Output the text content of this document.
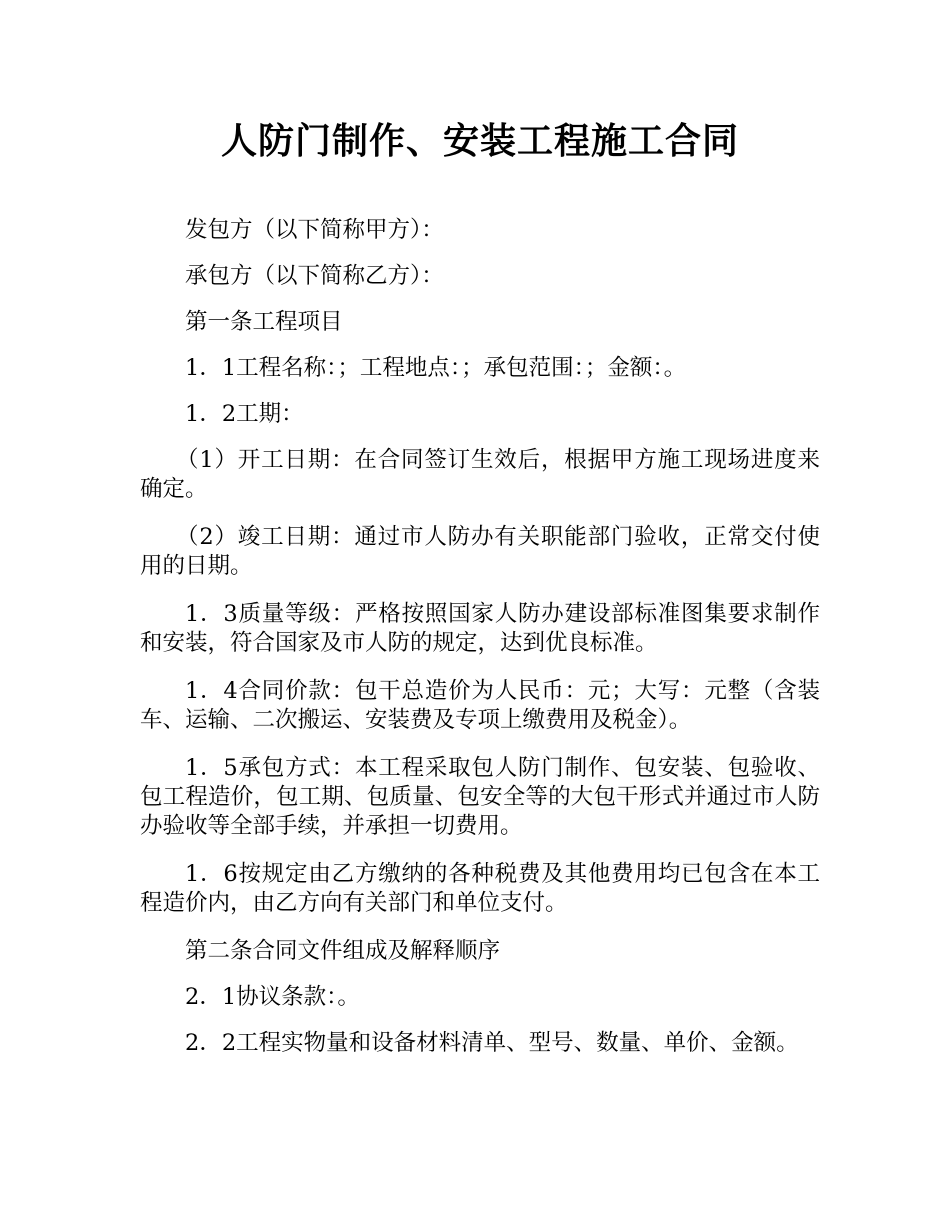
人防门制作、安装工程施工合同

发包方（以下简称甲方）：

承包方（以下简称乙方）：

第一条工程项目

1．1工程名称：；工程地点：；承包范围：；金额：。

1．2工期：

（1）开工日期：在合同签订生效后，根据甲方施工现场进度来确定。

（2）竣工日期：通过市人防办有关职能部门验收，正常交付使用的日期。

1．3质量等级：严格按照国家人防办建设部标准图集要求制作和安装，符合国家及市人防的规定，达到优良标准。

1．4合同价款：包干总造价为人民币：元；大写：元整（含装车、运输、二次搬运、安装费及专项上缴费用及税金）。

1．5承包方式：本工程采取包人防门制作、包安装、包验收、包工程造价，包工期、包质量、包安全等的大包干形式并通过市人防办验收等全部手续，并承担一切费用。

1．6按规定由乙方缴纳的各种税费及其他费用均已包含在本工程造价内，由乙方向有关部门和单位支付。

第二条合同文件组成及解释顺序

2．1协议条款：。

2．2工程实物量和设备材料清单、型号、数量、单价、金额。
